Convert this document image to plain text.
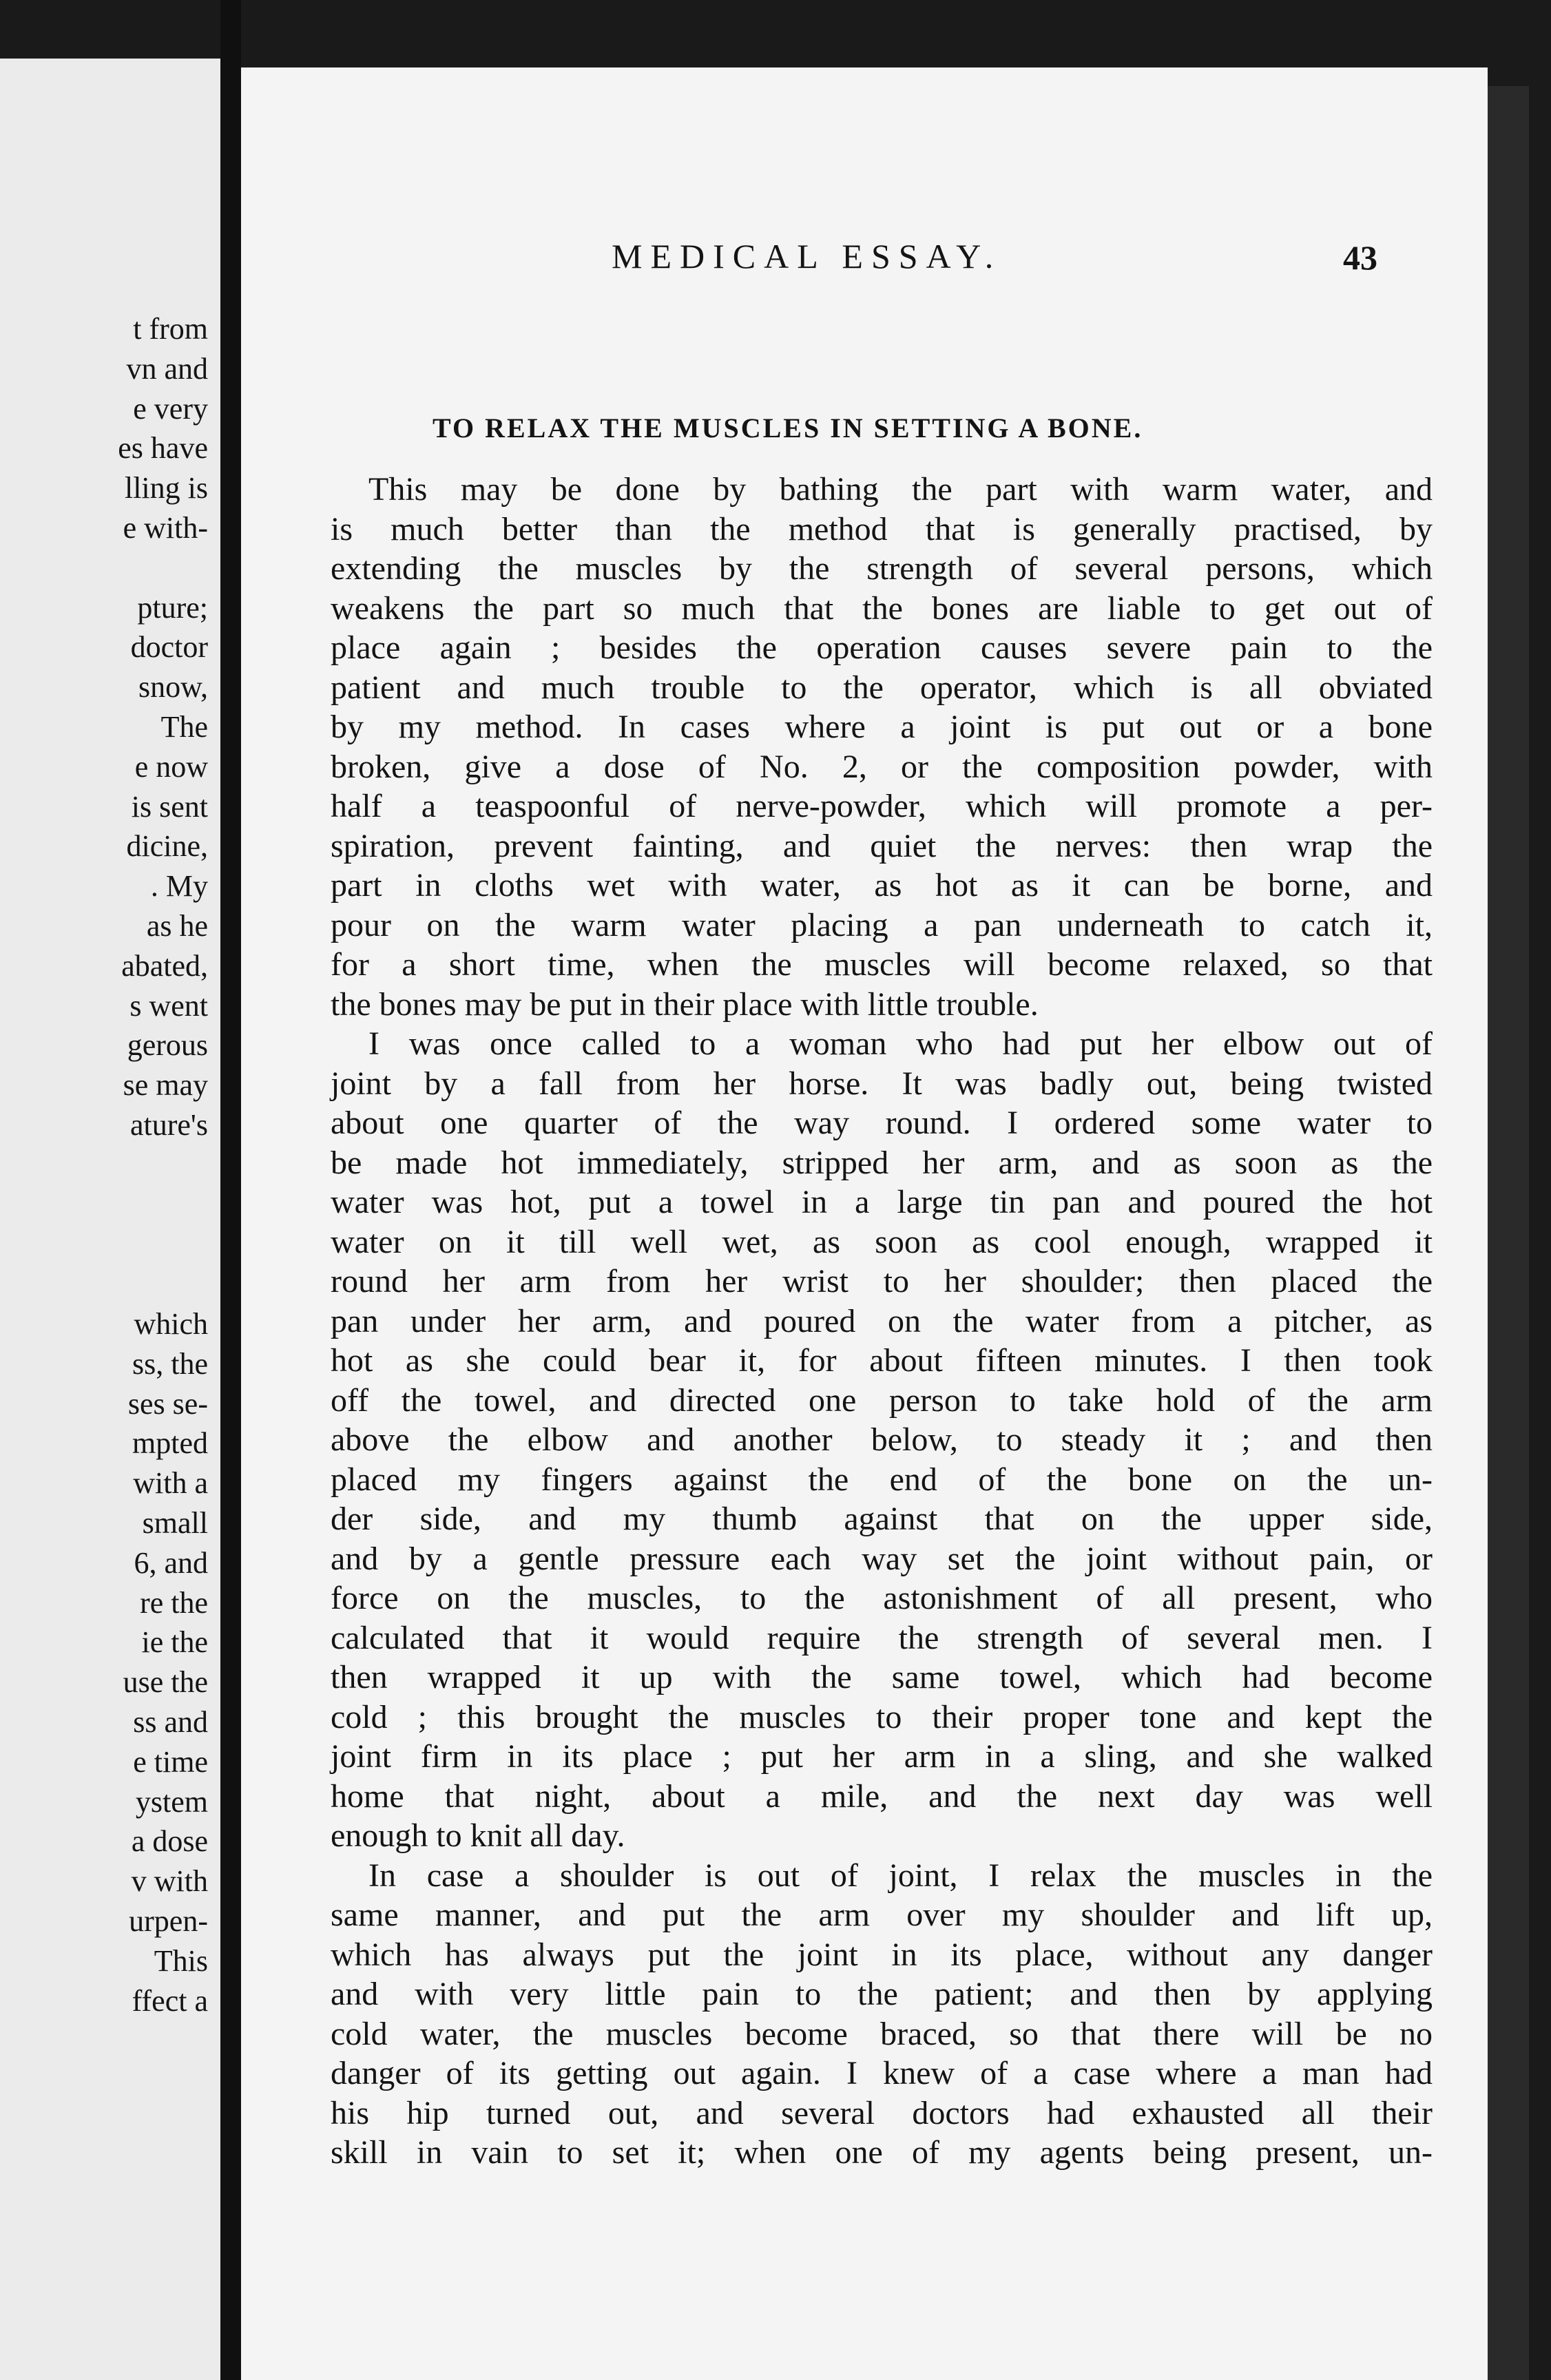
t from
vn and
e very
es have
lling is
e with-
pture;
doctor
snow,
The
e now
is sent
dicine,
. My
as he
abated,
s went
gerous
se may
ature's
which
ss, the
ses se-
mpted
with a
small
6, and
re the
ie the
use the
ss and
e time
ystem
a dose
v with
urpen-
This
ffect a
MEDICAL ESSAY.	43
TO RELAX THE MUSCLES IN SETTING A BONE.
This may be done by bathing the part with warm water, and
is much better than the method that is generally practised, by
extending the muscles by the strength of several persons, which
weakens the part so much that the bones are liable to get out of
place again ; besides the operation causes severe pain to the
patient and much trouble to the operator, which is all obviated
by my method. In cases where a joint is put out or a bone
broken, give a dose of No. 2, or the composition powder, with
half a teaspoonful of nerve-powder, which will promote a per-
spiration, prevent fainting, and quiet the nerves: then wrap the
part in cloths wet with water, as hot as it can be borne, and
pour on the warm water placing a pan underneath to catch it,
for a short time, when the muscles will become relaxed, so that
the bones may be put in their place with little trouble.
I was once called to a woman who had put her elbow out of
joint by a fall from her horse. It was badly out, being twisted
about one quarter of the way round. I ordered some water to
be made hot immediately, stripped her arm, and as soon as the
water was hot, put a towel in a large tin pan and poured the hot
water on it till well wet, as soon as cool enough, wrapped it
round her arm from her wrist to her shoulder; then placed the
pan under her arm, and poured on the water from a pitcher, as
hot as she could bear it, for about fifteen minutes. I then took
off the towel, and directed one person to take hold of the arm
above the elbow and another below, to steady it ; and then
placed my fingers against the end of the bone on the un-
der side, and my thumb against that on the upper side,
and by a gentle pressure each way set the joint without pain, or
force on the muscles, to the astonishment of all present, who
calculated that it would require the strength of several men. I
then wrapped it up with the same towel, which had become
cold ; this brought the muscles to their proper tone and kept the
joint firm in its place ; put her arm in a sling, and she walked
home that night, about a mile, and the next day was well
enough to knit all day.
In case a shoulder is out of joint, I relax the muscles in the
same manner, and put the arm over my shoulder and lift up,
which has always put the joint in its place, without any danger
and with very little pain to the patient; and then by applying
cold water, the muscles become braced, so that there will be no
danger of its getting out again. I knew of a case where a man had
his hip turned out, and several doctors had exhausted all their
skill in vain to set it; when one of my agents being present, un-
